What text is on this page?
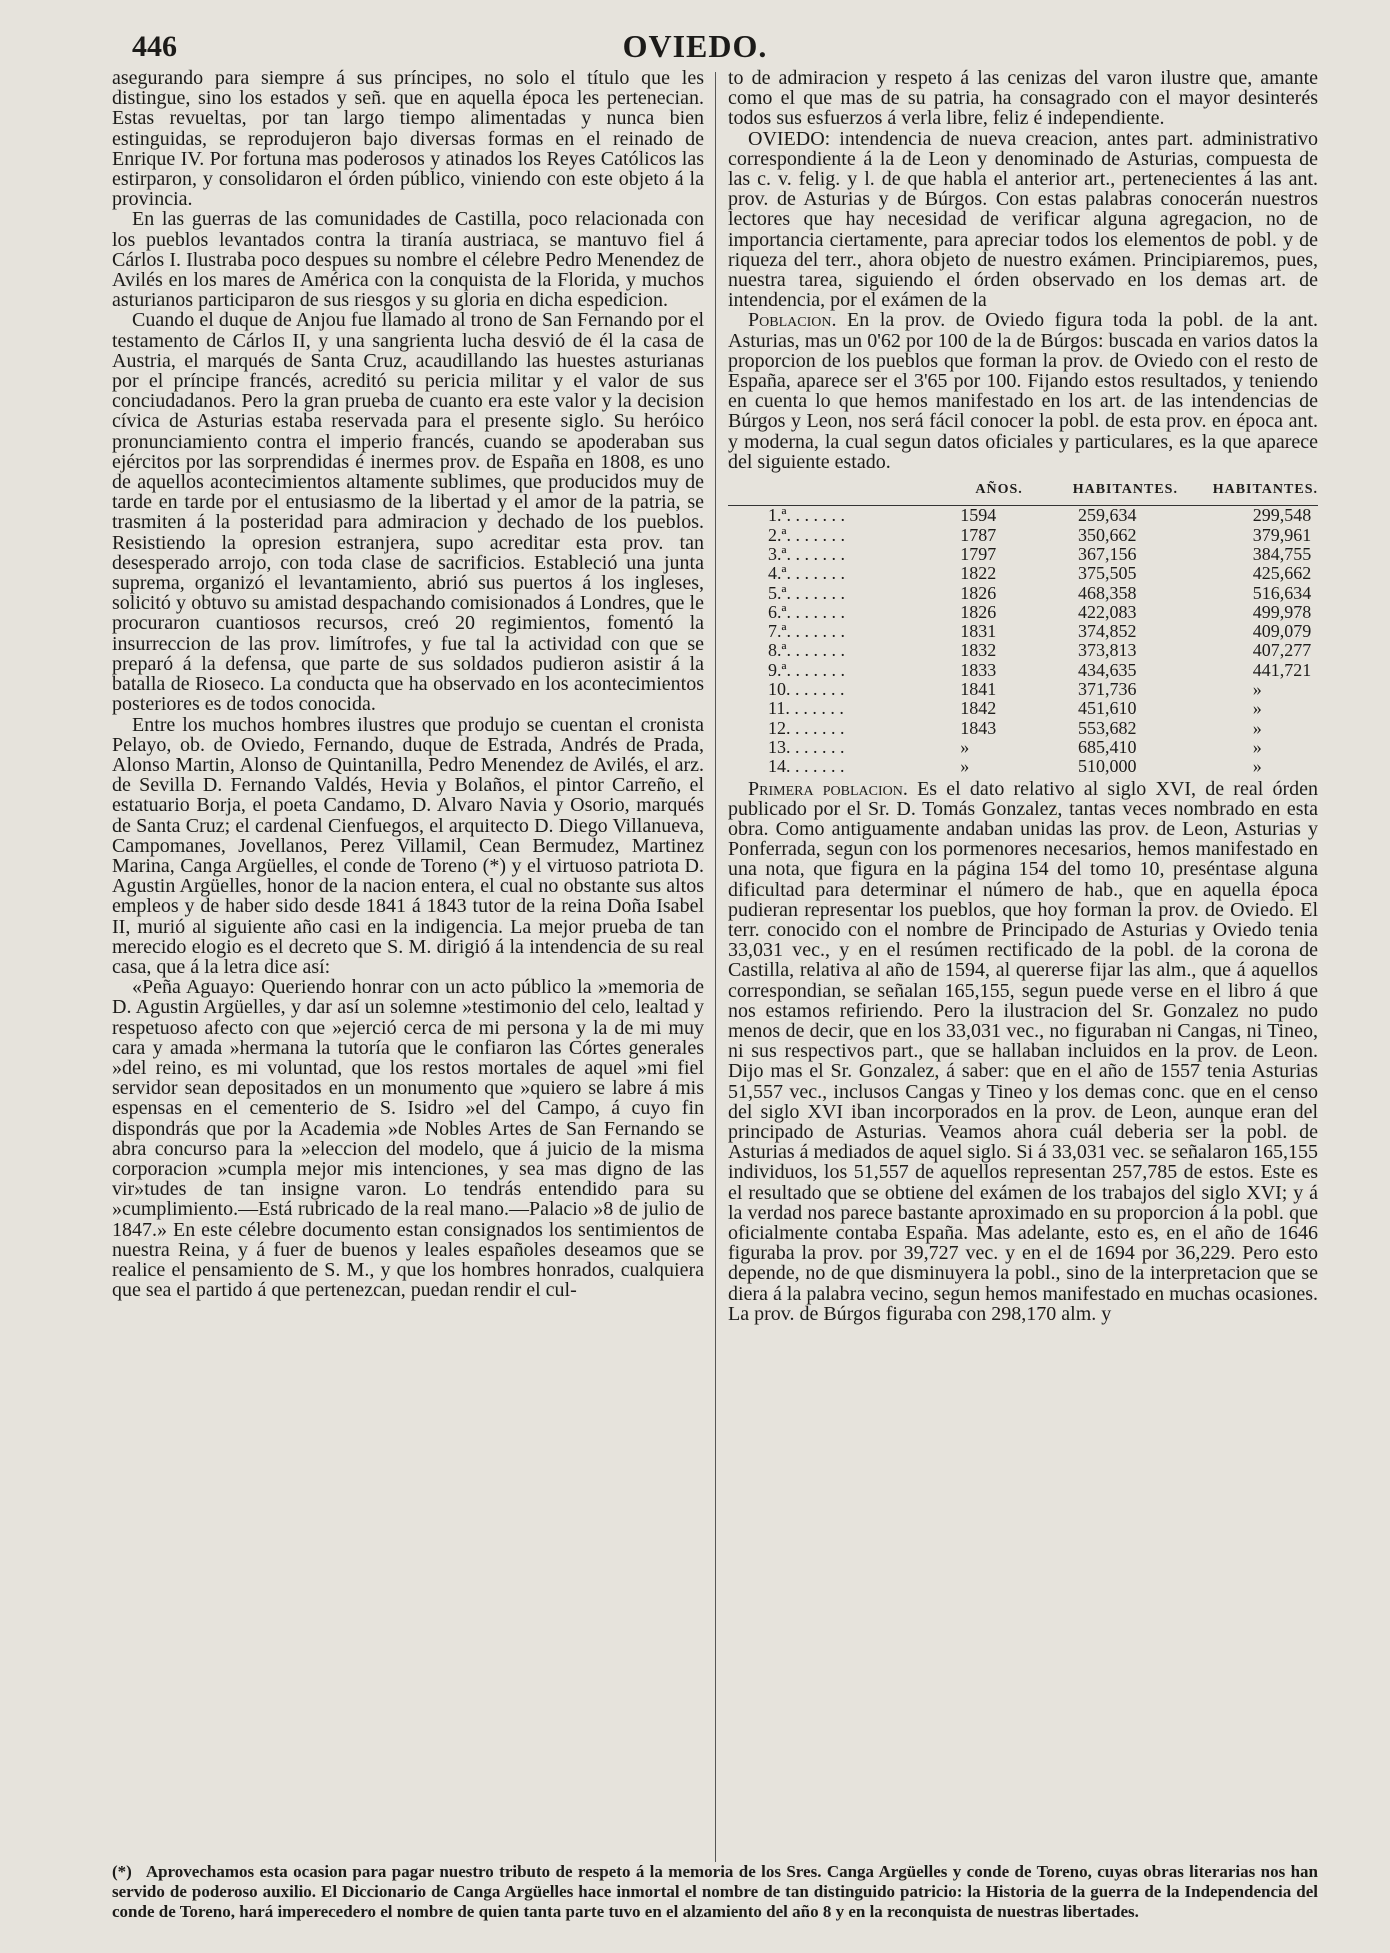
446	OVIEDO.

asegurando para siempre á sus príncipes, no solo el título que les distingue, sino los estados y señ. que en aquella época les pertenecian. Estas revueltas, por tan largo tiempo alimentadas y nunca bien estinguidas, se reprodujeron bajo diversas formas en el reinado de Enrique IV. Por fortuna mas poderosos y atinados los Reyes Católicos las estirparon, y consolidaron el órden público, viniendo con este objeto á la provincia.

En las guerras de las comunidades de Castilla, poco relacionada con los pueblos levantados contra la tiranía austriaca, se mantuvo fiel á Cárlos I. Ilustraba poco despues su nombre el célebre Pedro Menendez de Avilés en los mares de América con la conquista de la Florida, y muchos asturianos participaron de sus riesgos y su gloria en dicha espedicion.

Cuando el duque de Anjou fue llamado al trono de San Fernando por el testamento de Cárlos II, y una sangrienta lucha desvió de él la casa de Austria, el marqués de Santa Cruz, acaudillando las huestes asturianas por el príncipe francés, acreditó su pericia militar y el valor de sus conciudadanos. Pero la gran prueba de cuanto era este valor y la decision cívica de Asturias estaba reservada para el presente siglo. Su heróico pronunciamiento contra el imperio francés, cuando se apoderaban sus ejércitos por las sorprendidas é inermes prov. de España en 1808, es uno de aquellos acontecimientos altamente sublimes, que producidos muy de tarde en tarde por el entusiasmo de la libertad y el amor de la patria, se trasmiten á la posteridad para admiracion y dechado de los pueblos. Resistiendo la opresion estranjera, supo acreditar esta prov. tan desesperado arrojo, con toda clase de sacrificios. Estableció una junta suprema, organizó el levantamiento, abrió sus puertos á los ingleses, solicitó y obtuvo su amistad despachando comisionados á Londres, que le procuraron cuantiosos recursos, creó 20 regimientos, fomentó la insurreccion de las prov. limítrofes, y fue tal la actividad con que se preparó á la defensa, que parte de sus soldados pudieron asistir á la batalla de Rioseco. La conducta que ha observado en los acontecimientos posteriores es de todos conocida.

Entre los muchos hombres ilustres que produjo se cuentan el cronista Pelayo, ob. de Oviedo, Fernando, duque de Estrada, Andrés de Prada, Alonso Martin, Alonso de Quintanilla, Pedro Menendez de Avilés, el arz. de Sevilla D. Fernando Valdés, Hevia y Bolaños, el pintor Carreño, el estatuario Borja, el poeta Candamo, D. Alvaro Navia y Osorio, marqués de Santa Cruz; el cardenal Cienfuegos, el arquitecto D. Diego Villanueva, Campomanes, Jovellanos, Perez Villamil, Cean Bermudez, Martinez Marina, Canga Argüelles, el conde de Toreno (*) y el virtuoso patriota D. Agustin Argüelles, honor de la nacion entera, el cual no obstante sus altos empleos y de haber sido desde 1841 á 1843 tutor de la reina Doña Isabel II, murió al siguiente año casi en la indigencia. La mejor prueba de tan merecido elogio es el decreto que S. M. dirigió á la intendencia de su real casa, que á la letra dice así:

«Peña Aguayo: Queriendo honrar con un acto público la »memoria de D. Agustin Argüelles, y dar así un solemne »testimonio del celo, lealtad y respetuoso afecto con que »ejerció cerca de mi persona y la de mi muy cara y amada »hermana la tutoría que le confiaron las Córtes generales »del reino, es mi voluntad, que los restos mortales de aquel »mi fiel servidor sean depositados en un monumento que »quiero se labre á mis espensas en el cementerio de S. Isidro »el del Campo, á cuyo fin dispondrás que por la Academia »de Nobles Artes de San Fernando se abra concurso para la »eleccion del modelo, que á juicio de la misma corporacion »cumpla mejor mis intenciones, y sea mas digno de las vir»tudes de tan insigne varon. Lo tendrás entendido para su »cumplimiento.—Está rubricado de la real mano.—Palacio »8 de julio de 1847.» En este célebre documento estan consignados los sentimientos de nuestra Reina, y á fuer de buenos y leales españoles deseamos que se realice el pensamiento de S. M., y que los hombres honrados, cualquiera que sea el partido á que pertenezcan, puedan rendir el cul-

to de admiracion y respeto á las cenizas del varon ilustre que, amante como el que mas de su patria, ha consagrado con el mayor desinterés todos sus esfuerzos á verla libre, feliz é independiente.

OVIEDO: intendencia de nueva creacion, antes part. administrativo correspondiente á la de Leon y denominado de Asturias, compuesta de las c. v. felig. y l. de que habla el anterior art., pertenecientes á las ant. prov. de Asturias y de Búrgos. Con estas palabras conocerán nuestros lectores que hay necesidad de verificar alguna agregacion, no de importancia ciertamente, para apreciar todos los elementos de pobl. y de riqueza del terr., ahora objeto de nuestro exámen. Principiaremos, pues, nuestra tarea, siguiendo el órden observado en los demas art. de intendencia, por el exámen de la

Poblacion. En la prov. de Oviedo figura toda la pobl. de la ant. Asturias, mas un 0'62 por 100 de la de Búrgos: buscada en varios datos la proporcion de los pueblos que forman la prov. de Oviedo con el resto de España, aparece ser el 3'65 por 100. Fijando estos resultados, y teniendo en cuenta lo que hemos manifestado en los art. de las intendencias de Búrgos y Leon, nos será fácil conocer la pobl. de esta prov. en época ant. y moderna, la cual segun datos oficiales y particulares, es la que aparece del siguiente estado.

	AÑOS.	HABITANTES.	HABITANTES.
1.ª. . . . . . .	1594	259,634	299,548
2.ª. . . . . . .	1787	350,662	379,961
3.ª. . . . . . .	1797	367,156	384,755
4.ª. . . . . . .	1822	375,505	425,662
5.ª. . . . . . .	1826	468,358	516,634
6.ª. . . . . . .	1826	422,083	499,978
7.ª. . . . . . .	1831	374,852	409,079
8.ª. . . . . . .	1832	373,813	407,277
9.ª. . . . . . .	1833	434,635	441,721
10. . . . . . .	1841	371,736	»
11. . . . . . .	1842	451,610	»
12. . . . . . .	1843	553,682	»
13. . . . . . .	»	685,410	»
14. . . . . . .	»	510,000	»

Primera poblacion. Es el dato relativo al siglo XVI, de real órden publicado por el Sr. D. Tomás Gonzalez, tantas veces nombrado en esta obra. Como antiguamente andaban unidas las prov. de Leon, Asturias y Ponferrada, segun con los pormenores necesarios, hemos manifestado en una nota, que figura en la página 154 del tomo 10, preséntase alguna dificultad para determinar el número de hab., que en aquella época pudieran representar los pueblos, que hoy forman la prov. de Oviedo. El terr. conocido con el nombre de Principado de Asturias y Oviedo tenia 33,031 vec., y en el resúmen rectificado de la pobl. de la corona de Castilla, relativa al año de 1594, al quererse fijar las alm., que á aquellos correspondian, se señalan 165,155, segun puede verse en el libro á que nos estamos refiriendo. Pero la ilustracion del Sr. Gonzalez no pudo menos de decir, que en los 33,031 vec., no figuraban ni Cangas, ni Tineo, ni sus respectivos part., que se hallaban incluidos en la prov. de Leon. Dijo mas el Sr. Gonzalez, á saber: que en el año de 1557 tenia Asturias 51,557 vec., inclusos Cangas y Tineo y los demas conc. que en el censo del siglo XVI iban incorporados en la prov. de Leon, aunque eran del principado de Asturias. Veamos ahora cuál deberia ser la pobl. de Asturias á mediados de aquel siglo. Si á 33,031 vec. se señalaron 165,155 individuos, los 51,557 de aquellos representan 257,785 de estos. Este es el resultado que se obtiene del exámen de los trabajos del siglo XVI; y á la verdad nos parece bastante aproximado en su proporcion á la pobl. que oficialmente contaba España. Mas adelante, esto es, en el año de 1646 figuraba la prov. por 39,727 vec. y en el de 1694 por 36,229. Pero esto depende, no de que disminuyera la pobl., sino de la interpretacion que se diera á la palabra vecino, segun hemos manifestado en muchas ocasiones. La prov. de Búrgos figuraba con 298,170 alm. y

(*) Aprovechamos esta ocasion para pagar nuestro tributo de respeto á la memoria de los Sres. Canga Argüelles y conde de Toreno, cuyas obras literarias nos han servido de poderoso auxilio. El Diccionario de Canga Argüelles hace inmortal el nombre de tan distinguido patricio: la Historia de la guerra de la Independencia del conde de Toreno, hará imperecedero el nombre de quien tanta parte tuvo en el alzamiento del año 8 y en la reconquista de nuestras libertades.
